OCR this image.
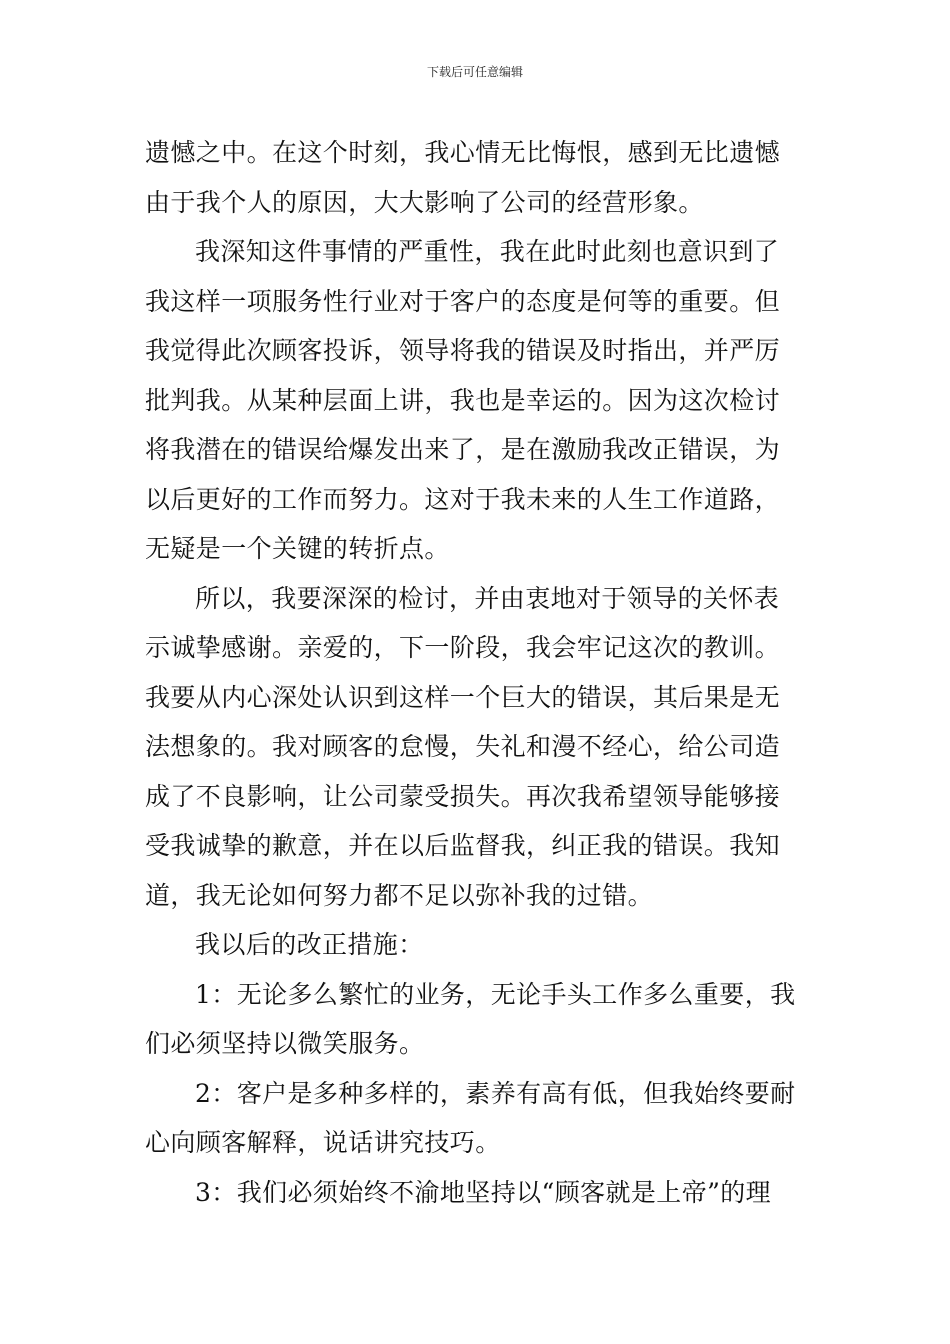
下载后可任意编辑
遗憾之中。在这个时刻，我心情无比悔恨，感到无比遗憾
由于我个人的原因，大大影响了公司的经营形象。
我深知这件事情的严重性，我在此时此刻也意识到了
我这样一项服务性行业对于客户的态度是何等的重要。但
我觉得此次顾客投诉，领导将我的错误及时指出，并严厉
批判我。从某种层面上讲，我也是幸运的。因为这次检讨
将我潜在的错误给爆发出来了，是在激励我改正错误，为
以后更好的工作而努力。这对于我未来的人生工作道路，
无疑是一个关键的转折点。
所以，我要深深的检讨，并由衷地对于领导的关怀表
示诚挚感谢。亲爱的，下一阶段，我会牢记这次的教训。
我要从内心深处认识到这样一个巨大的错误，其后果是无
法想象的。我对顾客的怠慢，失礼和漫不经心，给公司造
成了不良影响，让公司蒙受损失。再次我希望领导能够接
受我诚挚的歉意，并在以后监督我，纠正我的错误。我知
道，我无论如何努力都不足以弥补我的过错。
我以后的改正措施：
1：无论多么繁忙的业务，无论手头工作多么重要，我
们必须坚持以微笑服务。
2：客户是多种多样的，素养有高有低，但我始终要耐
心向顾客解释，说话讲究技巧。
3：我们必须始终不渝地坚持以“顾客就是上帝”的理
